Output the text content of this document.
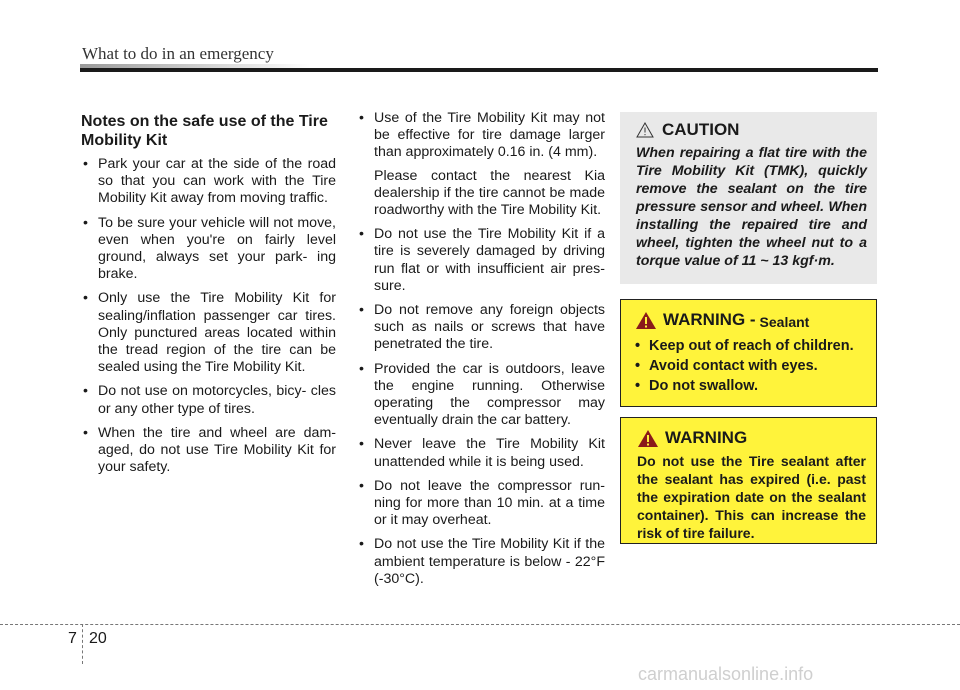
What to do in an emergency
Notes on the safe use of the Tire Mobility Kit
• Park your car at the side of the road so that you can work with the Tire Mobility Kit away from moving traffic.
• To be sure your vehicle will not move, even when you're on fairly level ground, always set your park- ing brake.
• Only use the Tire Mobility Kit for sealing/inflation passenger car tires. Only punctured areas located within the tread region of the tire can be sealed using the Tire Mobility Kit.
• Do not use on motorcycles, bicy- cles or any other type of tires.
• When the tire and wheel are dam- aged, do not use Tire Mobility Kit for your safety.
• Use of the Tire Mobility Kit may not be effective for tire damage larger than approximately 0.16 in. (4 mm).

Please contact the nearest Kia dealership if the tire cannot be made roadworthy with the Tire Mobility Kit.

• Do not use the Tire Mobility Kit if a tire is severely damaged by driving run flat or with insufficient air pres- sure.
• Do not remove any foreign objects such as nails or screws that have penetrated the tire.
• Provided the car is outdoors, leave the engine running. Otherwise operating the compressor may eventually drain the car battery.
• Never leave the Tire Mobility Kit unattended while it is being used.
• Do not leave the compressor run- ning for more than 10 min. at a time or it may overheat.
• Do not use the Tire Mobility Kit if the ambient temperature is below - 22°F (-30°C).
CAUTION
When repairing a flat tire with the Tire Mobility Kit (TMK), quickly remove the sealant on the tire pressure sensor and wheel. When installing the repaired tire and wheel, tighten the wheel nut to a torque value of 11 ~ 13 kgf·m.
WARNING - Sealant
• Keep out of reach of children.
• Avoid contact with eyes.
• Do not swallow.
WARNING
Do not use the Tire sealant after the sealant has expired (i.e. past the expiration date on the sealant container). This can increase the risk of tire failure.
7 20
carmanualsonline.info
